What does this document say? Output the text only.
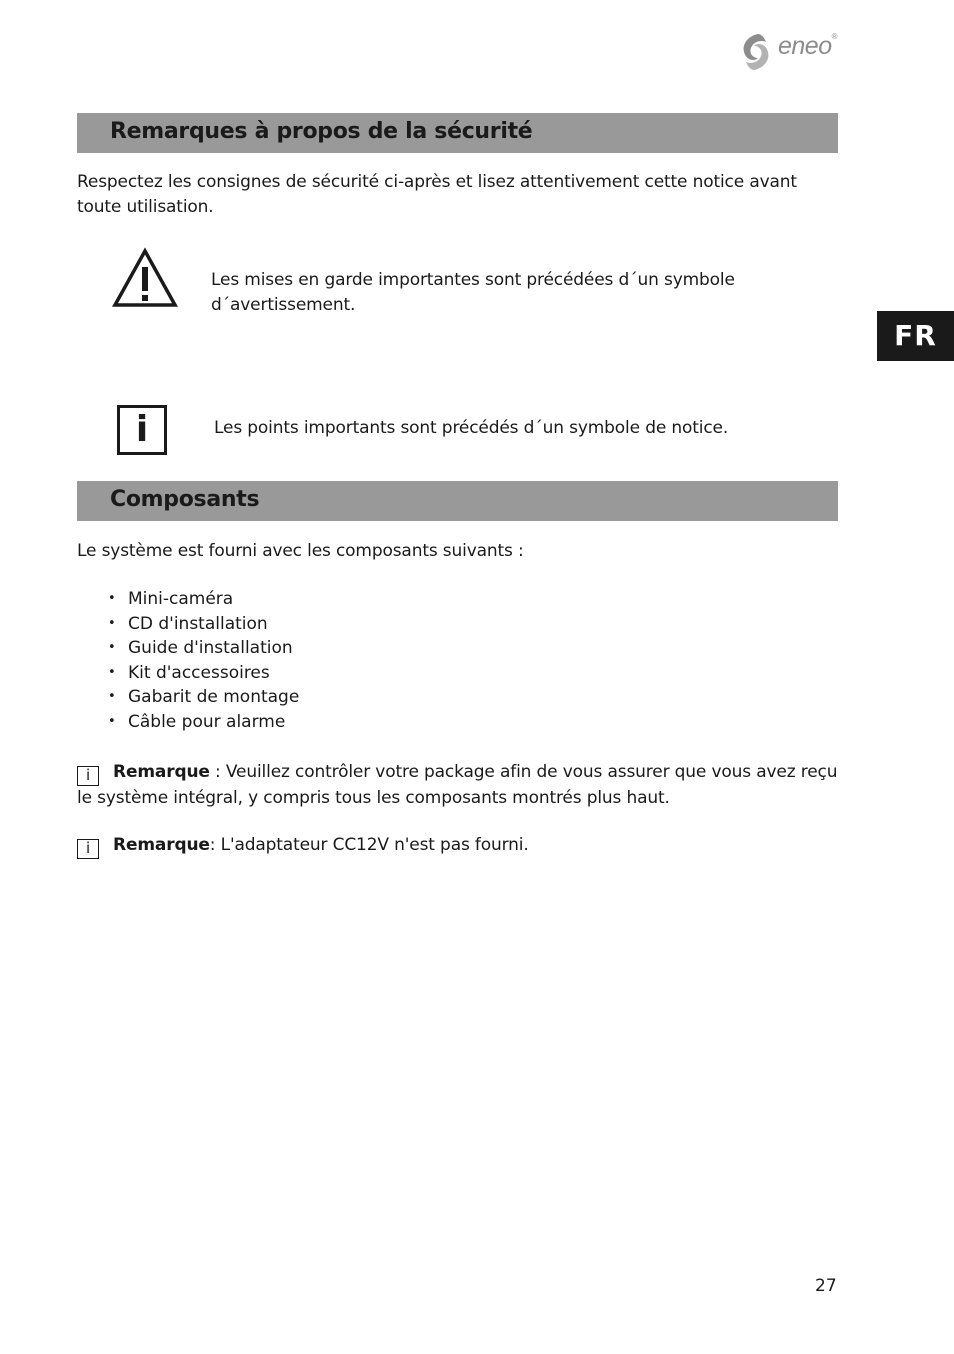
eneo®
FR
Remarques à propos de la sécurité
Respectez les consignes de sécurité ci-après et lisez attentivement cette notice avant
toute utilisation.
Les mises en garde importantes sont précédées d´un symbole
d´avertissement.
i	Les points importants sont précédés d´un symbole de notice.
Composants
Le système est fourni avec les composants suivants :
• Mini-caméra
• CD d'installation
• Guide d'installation
• Kit d'accessoires
• Gabarit de montage
• Câble pour alarme
i Remarque : Veuillez contrôler votre package afin de vous assurer que vous avez reçu
le système intégral, y compris tous les composants montrés plus haut.
i Remarque: L'adaptateur CC12V n'est pas fourni.
27
